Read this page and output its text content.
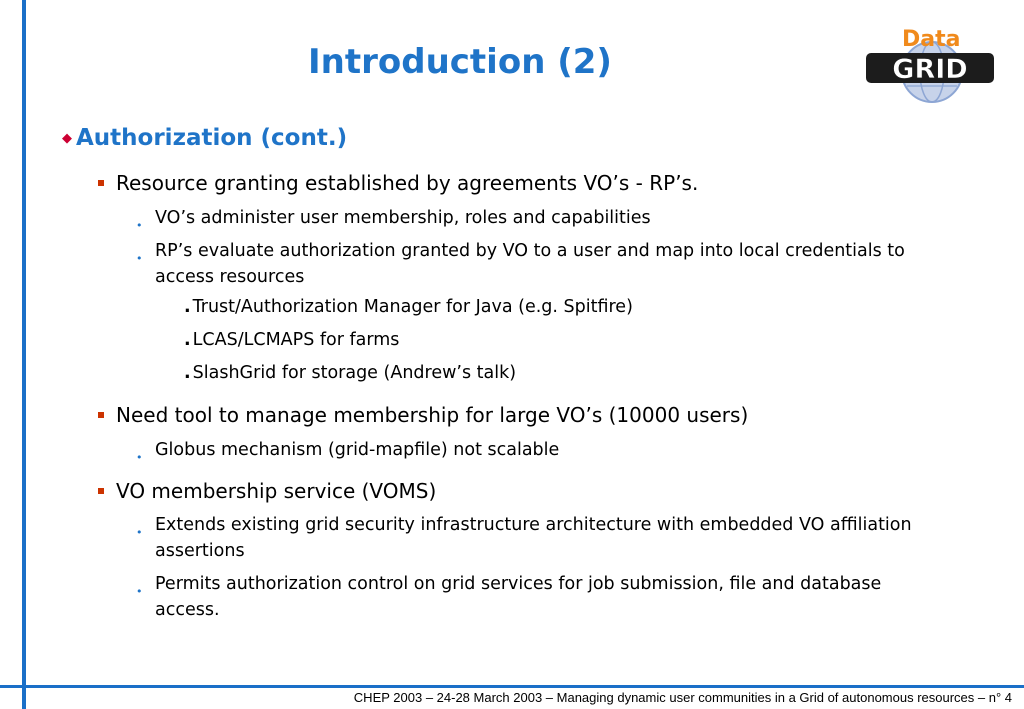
Introduction (2)
Data
GRID
◆ Authorization (cont.)
Resource granting established by agreements VO’s - RP’s.
• VO’s administer user membership, roles and capabilities
• RP’s evaluate authorization granted by VO to a user and map into local credentials to access resources
. Trust/Authorization Manager for Java (e.g. Spitfire)
. LCAS/LCMAPS for farms
. SlashGrid for storage (Andrew’s talk)
Need tool to manage membership for large VO’s (10000 users)
• Globus mechanism (grid-mapfile) not scalable
VO membership service (VOMS)
• Extends existing grid security infrastructure architecture with embedded VO affiliation assertions
• Permits authorization control on grid services for job submission, file and database access.
CHEP 2003 – 24-28 March 2003 – Managing dynamic user communities in a Grid of autonomous resources – n° 4
